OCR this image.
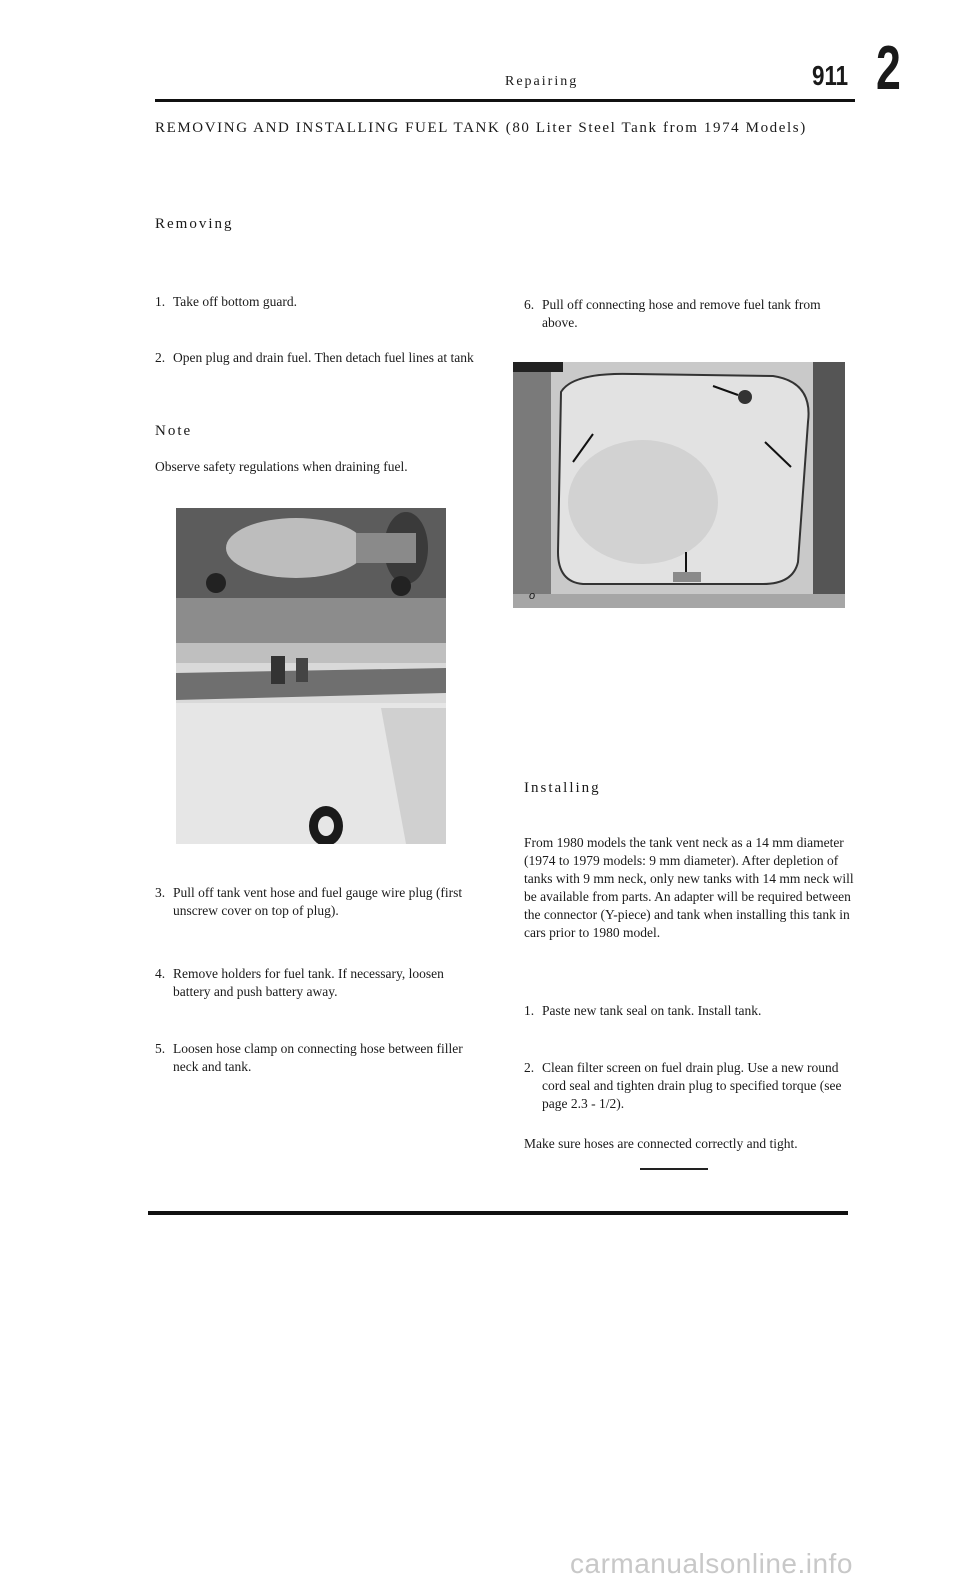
Repairing	911 2
REMOVING AND INSTALLING FUEL TANK (80 Liter Steel Tank from 1974 Models)
Removing
1. Take off bottom guard.
2. Open plug and drain fuel. Then detach fuel lines at tank
Note
Observe safety regulations when draining fuel.
3. Pull off tank vent hose and fuel gauge wire plug (first unscrew cover on top of plug).
4. Remove holders for fuel tank. If necessary, loosen battery and push battery away.
5. Loosen hose clamp on connecting hose between filler neck and tank.
6. Pull off connecting hose and remove fuel tank from above.
o
Installing
From 1980 models the tank vent neck as a 14 mm diameter (1974 to 1979 models: 9 mm diameter). After depletion of tanks with 9 mm neck, only new tanks with 14 mm neck will be available from parts. An adapter will be required between the connector (Y-piece) and tank when installing this tank in cars prior to 1980 model.
1. Paste new tank seal on tank. Install tank.
2. Clean filter screen on fuel drain plug. Use a new round cord seal and tighten drain plug to specified torque (see page 2.3 - 1/2).
Make sure hoses are connected correctly and tight.
carmanualsonline.info
